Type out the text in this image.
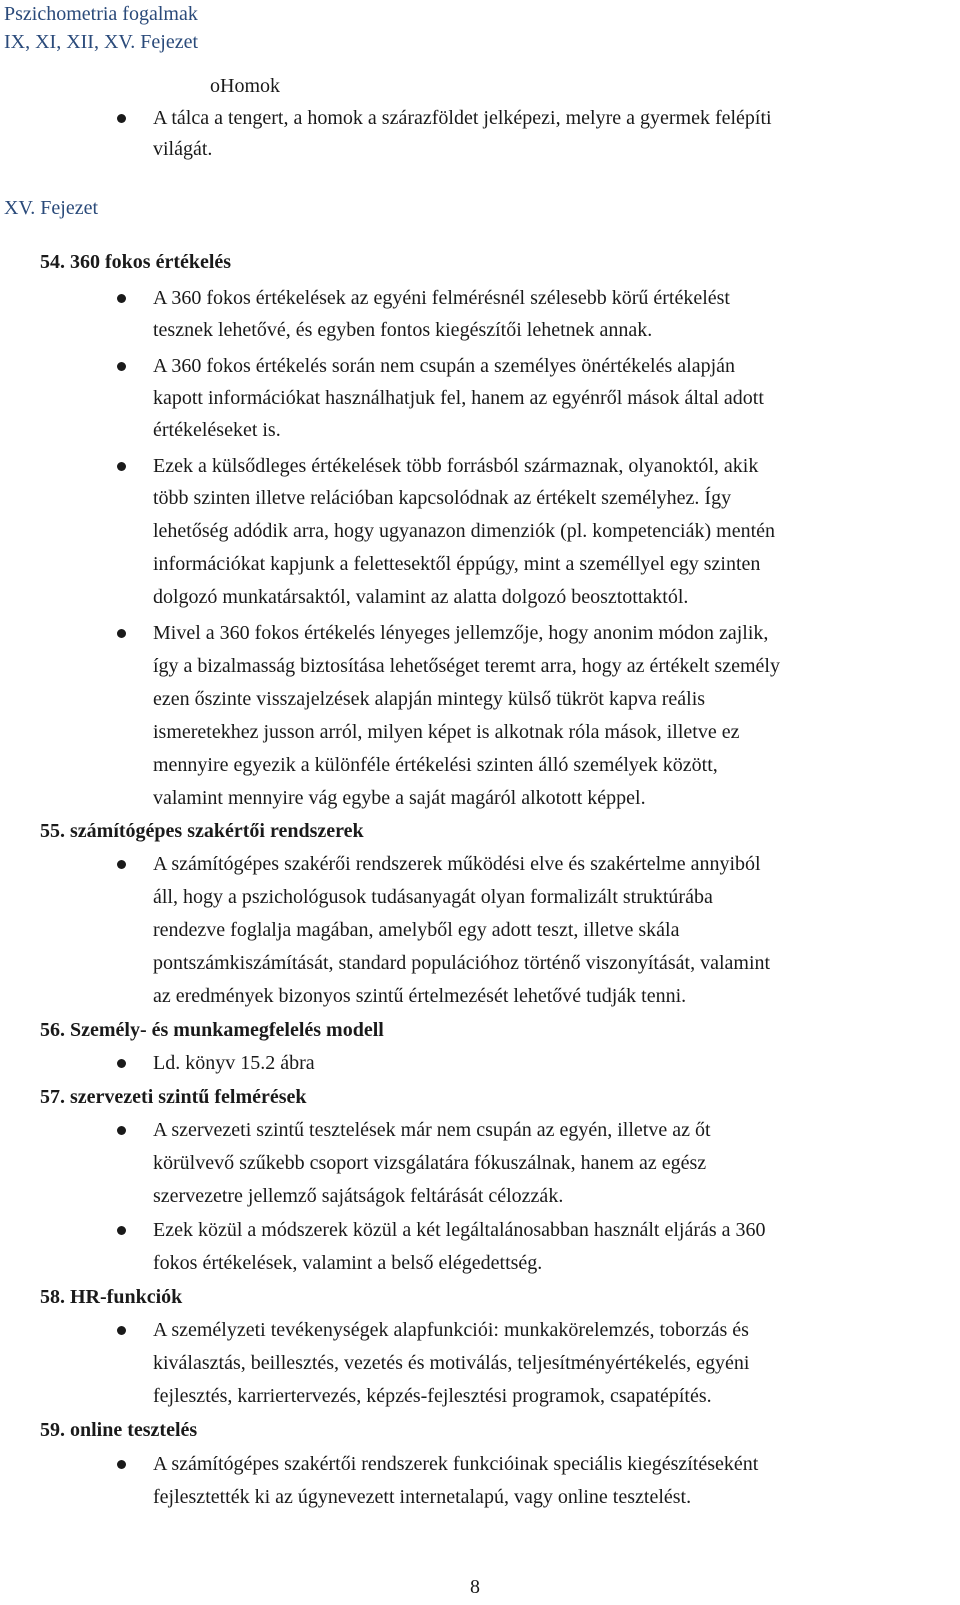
Pszichometria fogalmak
IX, XI, XII, XV. Fejezet
oHomok
XV. Fejezet
8
A tálca a tengert, a homok a szárazföldet jelképezi, melyre a gyermek felépíti
világát.
54. 360 fokos értékelés
A 360 fokos értékelések az egyéni felmérésnél szélesebb körű értékelést
tesznek lehetővé, és egyben fontos kiegészítői lehetnek annak.
A 360 fokos értékelés során nem csupán a személyes önértékelés alapján
kapott információkat használhatjuk fel, hanem az egyénről mások által adott
értékeléseket is.
Ezek a külsődleges értékelések több forrásból származnak, olyanoktól, akik
több szinten illetve relációban kapcsolódnak az értékelt személyhez. Így
lehetőség adódik arra, hogy ugyanazon dimenziók (pl. kompetenciák) mentén
információkat kapjunk a felettesektől éppúgy, mint a személlyel egy szinten
dolgozó munkatársaktól, valamint az alatta dolgozó beosztottaktól.
Mivel a 360 fokos értékelés lényeges jellemzője, hogy anonim módon zajlik,
így a bizalmasság biztosítása lehetőséget teremt arra, hogy az értékelt személy
ezen őszinte visszajelzések alapján mintegy külső tükröt kapva reális
ismeretekhez jusson arról, milyen képet is alkotnak róla mások, illetve ez
mennyire egyezik a különféle értékelési szinten álló személyek között,
valamint mennyire vág egybe a saját magáról alkotott képpel.
55. számítógépes szakértői rendszerek
A számítógépes szakérői rendszerek működési elve és szakértelme annyiból
áll, hogy a pszichológusok tudásanyagát olyan formalizált struktúrába
rendezve foglalja magában, amelyből egy adott teszt, illetve skála
pontszámkiszámítását, standard populációhoz történő viszonyítását, valamint
az eredmények bizonyos szintű értelmezését lehetővé tudják tenni.
56. Személy- és munkamegfelelés modell
Ld. könyv 15.2 ábra
57. szervezeti szintű felmérések
A szervezeti szintű tesztelések már nem csupán az egyén, illetve az őt
körülvevő szűkebb csoport vizsgálatára fókuszálnak, hanem az egész
szervezetre jellemző sajátságok feltárását célozzák.
Ezek közül a módszerek közül a két legáltalánosabban használt eljárás a 360
fokos értékelések, valamint a belső elégedettség.
58. HR-funkciók
A személyzeti tevékenységek alapfunkciói: munkakörelemzés, toborzás és
kiválasztás, beillesztés, vezetés és motiválás, teljesítményértékelés, egyéni
fejlesztés, karriertervezés, képzés-fejlesztési programok, csapatépítés.
59. online tesztelés
A számítógépes szakértői rendszerek funkcióinak speciális kiegészítéseként
fejlesztették ki az úgynevezett internetalapú, vagy online tesztelést.
